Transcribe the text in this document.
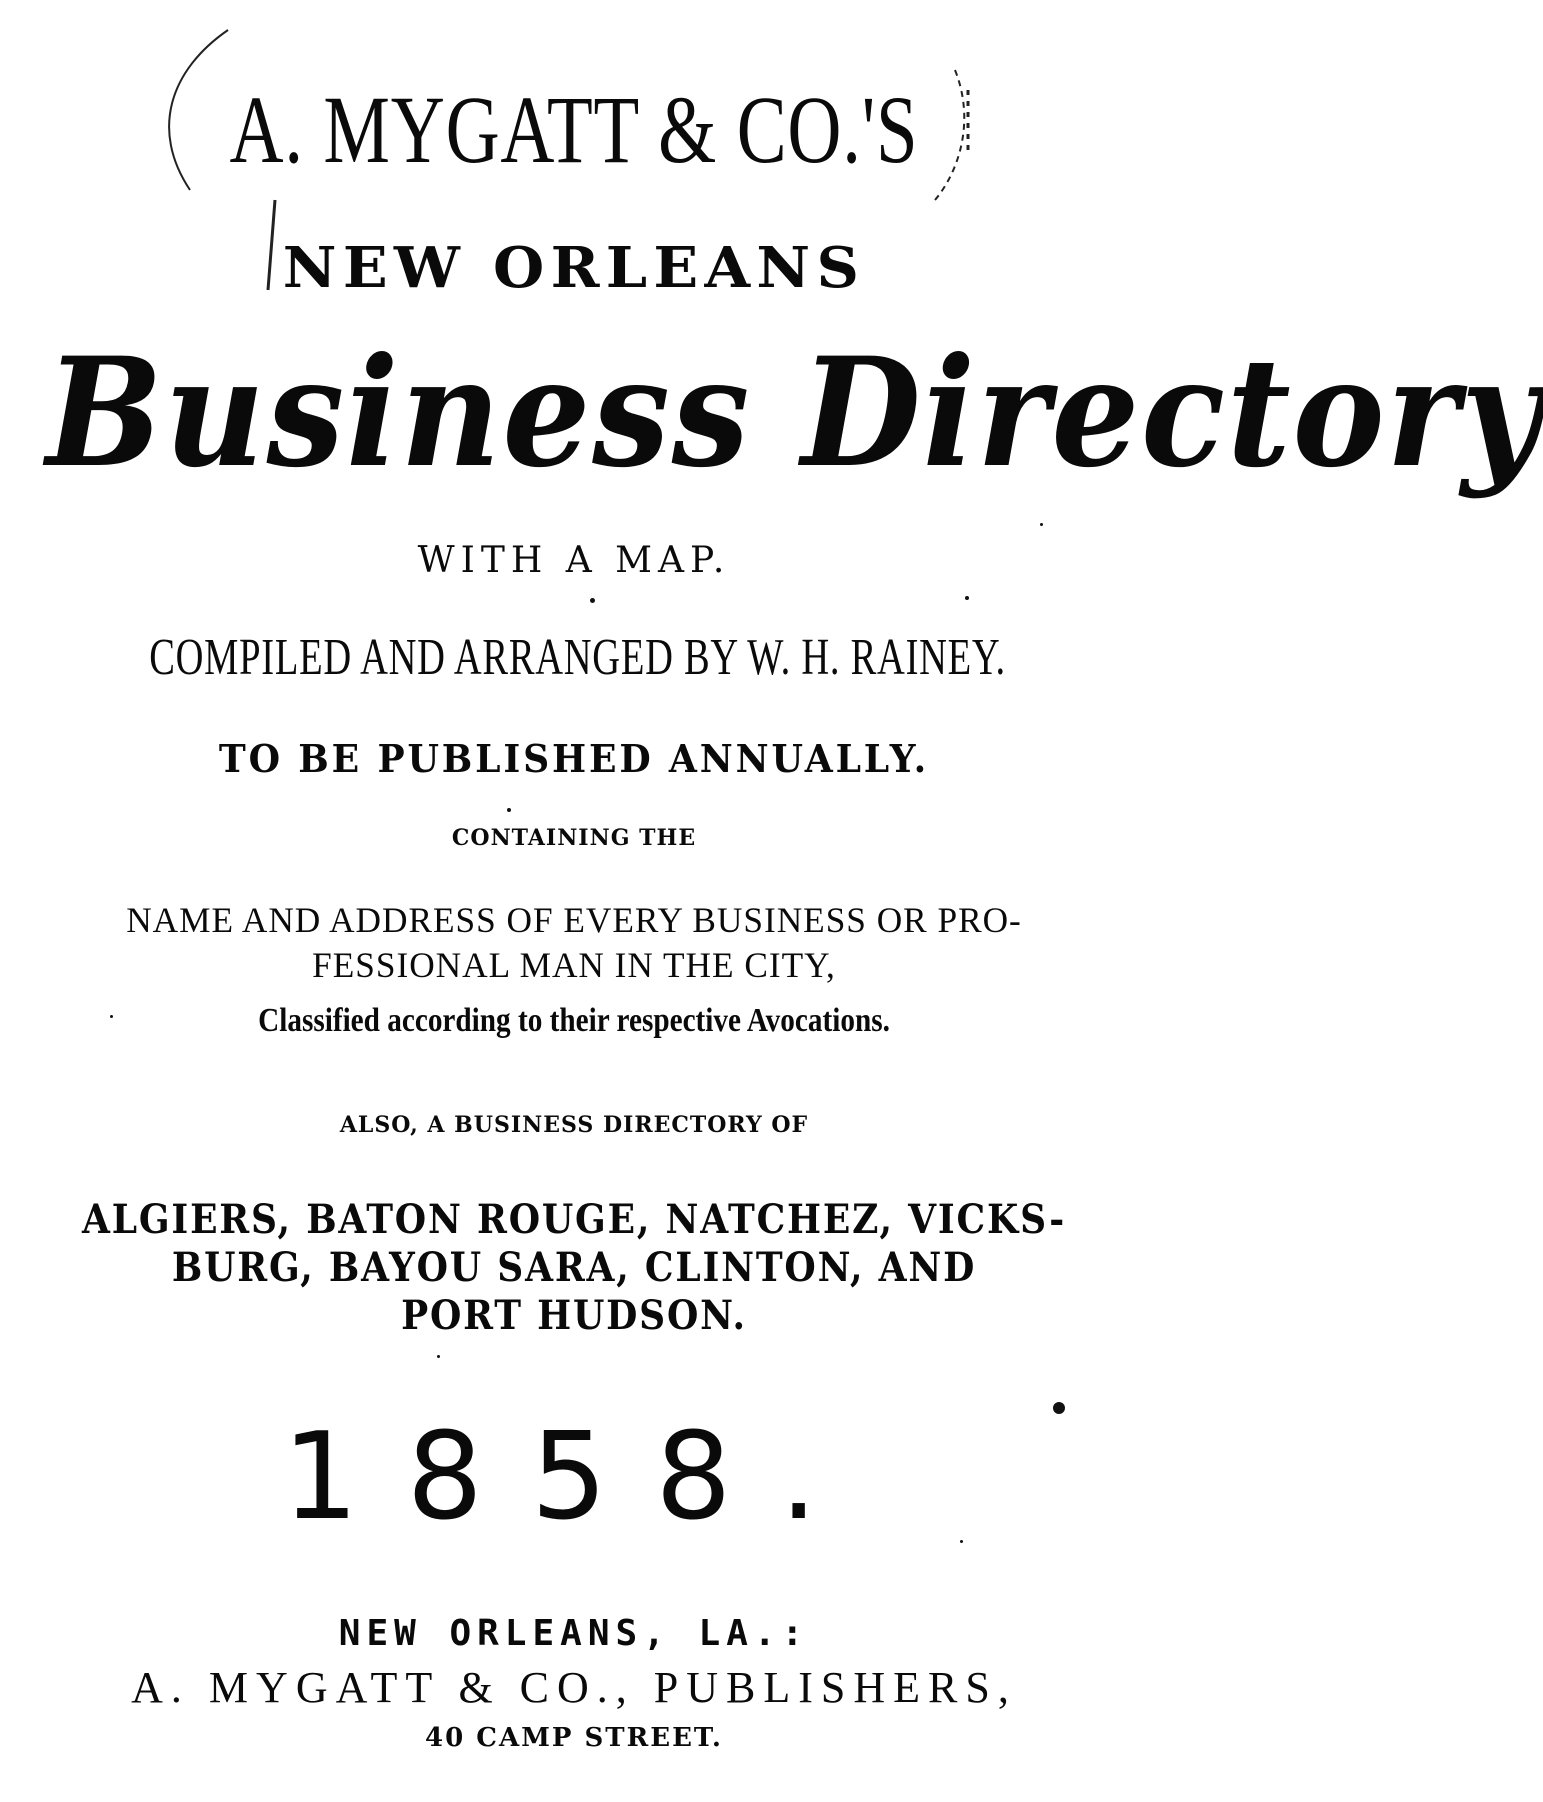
A. MYGATT & CO.'S
NEW ORLEANS
Business Directory
WITH A MAP.
COMPILED AND ARRANGED BY W. H. RAINEY.
TO BE PUBLISHED ANNUALLY.
CONTAINING THE
NAME AND ADDRESS OF EVERY BUSINESS OR PRO-
FESSIONAL MAN IN THE CITY,
Classified according to their respective Avocations.
ALSO, A BUSINESS DIRECTORY OF
ALGIERS, BATON ROUGE, NATCHEZ, VICKS-
BURG, BAYOU SARA, CLINTON, AND
PORT HUDSON.
1858.
NEW ORLEANS, LA.:
A. MYGATT & CO., PUBLISHERS,
40 CAMP STREET.
